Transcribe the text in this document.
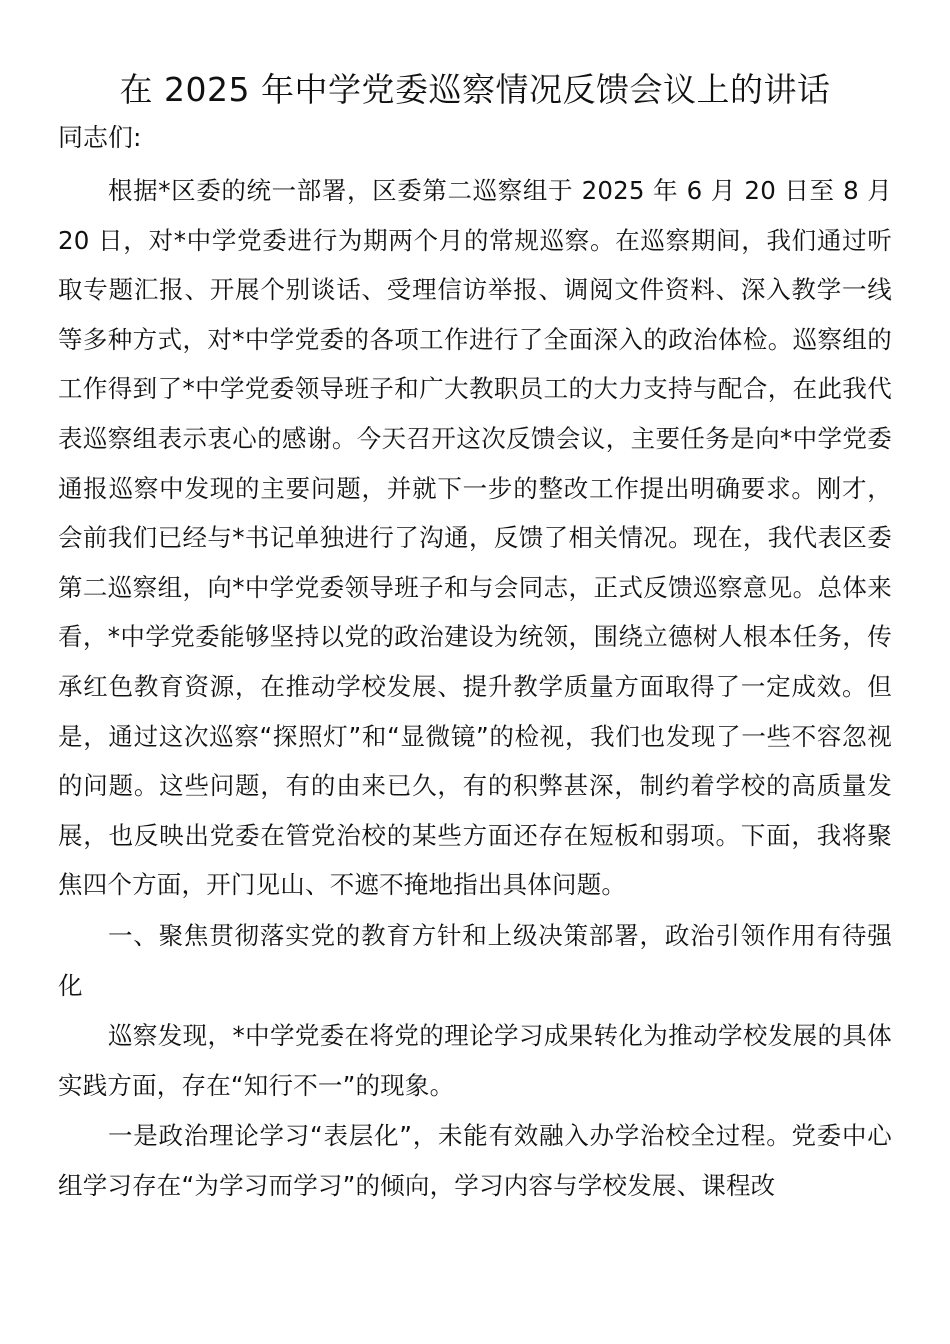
在 2025 年中学党委巡察情况反馈会议上的讲话

同志们:

根据*区委的统一部署，区委第二巡察组于 2025 年 6 月 20 日至 8 月 20 日，对*中学党委进行为期两个月的常规巡察。在巡察期间，我们通过听取专题汇报、开展个别谈话、受理信访举报、调阅文件资料、深入教学一线等多种方式，对*中学党委的各项工作进行了全面深入的政治体检。巡察组的工作得到了*中学党委领导班子和广大教职员工的大力支持与配合，在此我代表巡察组表示衷心的感谢。今天召开这次反馈会议，主要任务是向*中学党委通报巡察中发现的主要问题，并就下一步的整改工作提出明确要求。刚才，会前我们已经与*书记单独进行了沟通，反馈了相关情况。现在，我代表区委第二巡察组，向*中学党委领导班子和与会同志，正式反馈巡察意见。总体来看，*中学党委能够坚持以党的政治建设为统领，围绕立德树人根本任务，传承红色教育资源，在推动学校发展、提升教学质量方面取得了一定成效。但是，通过这次巡察“探照灯”和“显微镜”的检视，我们也发现了一些不容忽视的问题。这些问题，有的由来已久，有的积弊甚深，制约着学校的高质量发展，也反映出党委在管党治校的某些方面还存在短板和弱项。下面，我将聚焦四个方面，开门见山、不遮不掩地指出具体问题。

一、聚焦贯彻落实党的教育方针和上级决策部署，政治引领作用有待强化

巡察发现，*中学党委在将党的理论学习成果转化为推动学校发展的具体实践方面，存在“知行不一”的现象。

一是政治理论学习“表层化”，未能有效融入办学治校全过程。党委中心组学习存在“为学习而学习”的倾向，学习内容与学校发展、课程改
